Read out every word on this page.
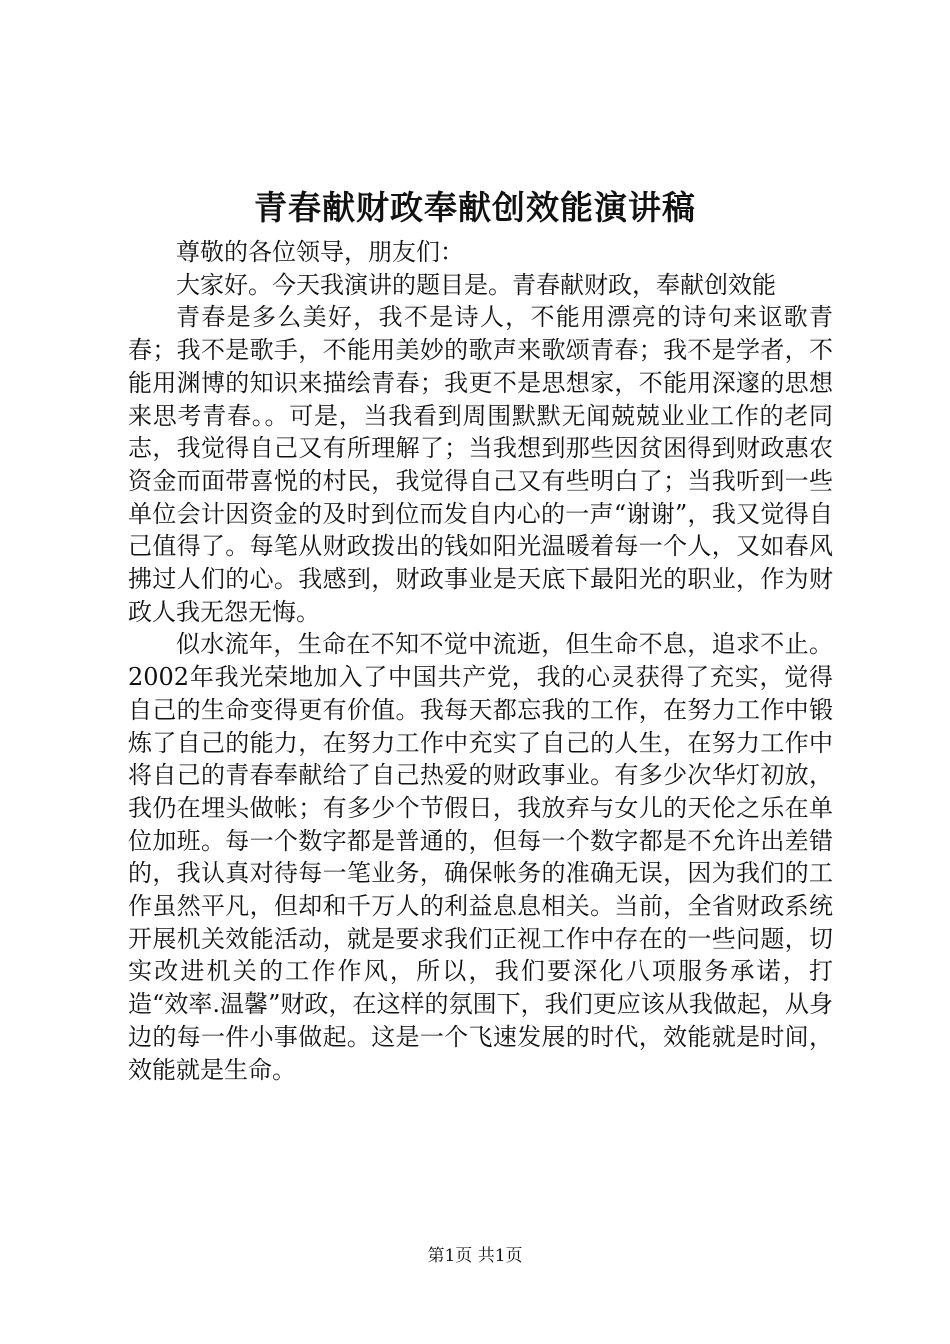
青春献财政奉献创效能演讲稿

尊敬的各位领导，朋友们：

大家好。今天我演讲的题目是。青春献财政，奉献创效能

青春是多么美好，我不是诗人，不能用漂亮的诗句来讴歌青春；我不是歌手，不能用美妙的歌声来歌颂青春；我不是学者，不能用渊博的知识来描绘青春；我更不是思想家，不能用深邃的思想来思考青春。。可是，当我看到周围默默无闻兢兢业业工作的老同志，我觉得自己又有所理解了；当我想到那些因贫困得到财政惠农资金而面带喜悦的村民，我觉得自己又有些明白了；当我听到一些单位会计因资金的及时到位而发自内心的一声“谢谢”，我又觉得自己值得了。每笔从财政拨出的钱如阳光温暖着每一个人，又如春风拂过人们的心。我感到，财政事业是天底下最阳光的职业，作为财政人我无怨无悔。

似水流年，生命在不知不觉中流逝，但生命不息，追求不止。2002年我光荣地加入了中国共产党，我的心灵获得了充实，觉得自己的生命变得更有价值。我每天都忘我的工作，在努力工作中锻炼了自己的能力，在努力工作中充实了自己的人生，在努力工作中将自己的青春奉献给了自己热爱的财政事业。有多少次华灯初放，我仍在埋头做帐；有多少个节假日，我放弃与女儿的天伦之乐在单位加班。每一个数字都是普通的，但每一个数字都是不允许出差错的，我认真对待每一笔业务，确保帐务的准确无误，因为我们的工作虽然平凡，但却和千万人的利益息息相关。当前，全省财政系统开展机关效能活动，就是要求我们正视工作中存在的一些问题，切实改进机关的工作作风，所以，我们要深化八项服务承诺，打造“效率.温馨”财政，在这样的氛围下，我们更应该从我做起，从身边的每一件小事做起。这是一个飞速发展的时代，效能就是时间，效能就是生命。

第1页 共1页
